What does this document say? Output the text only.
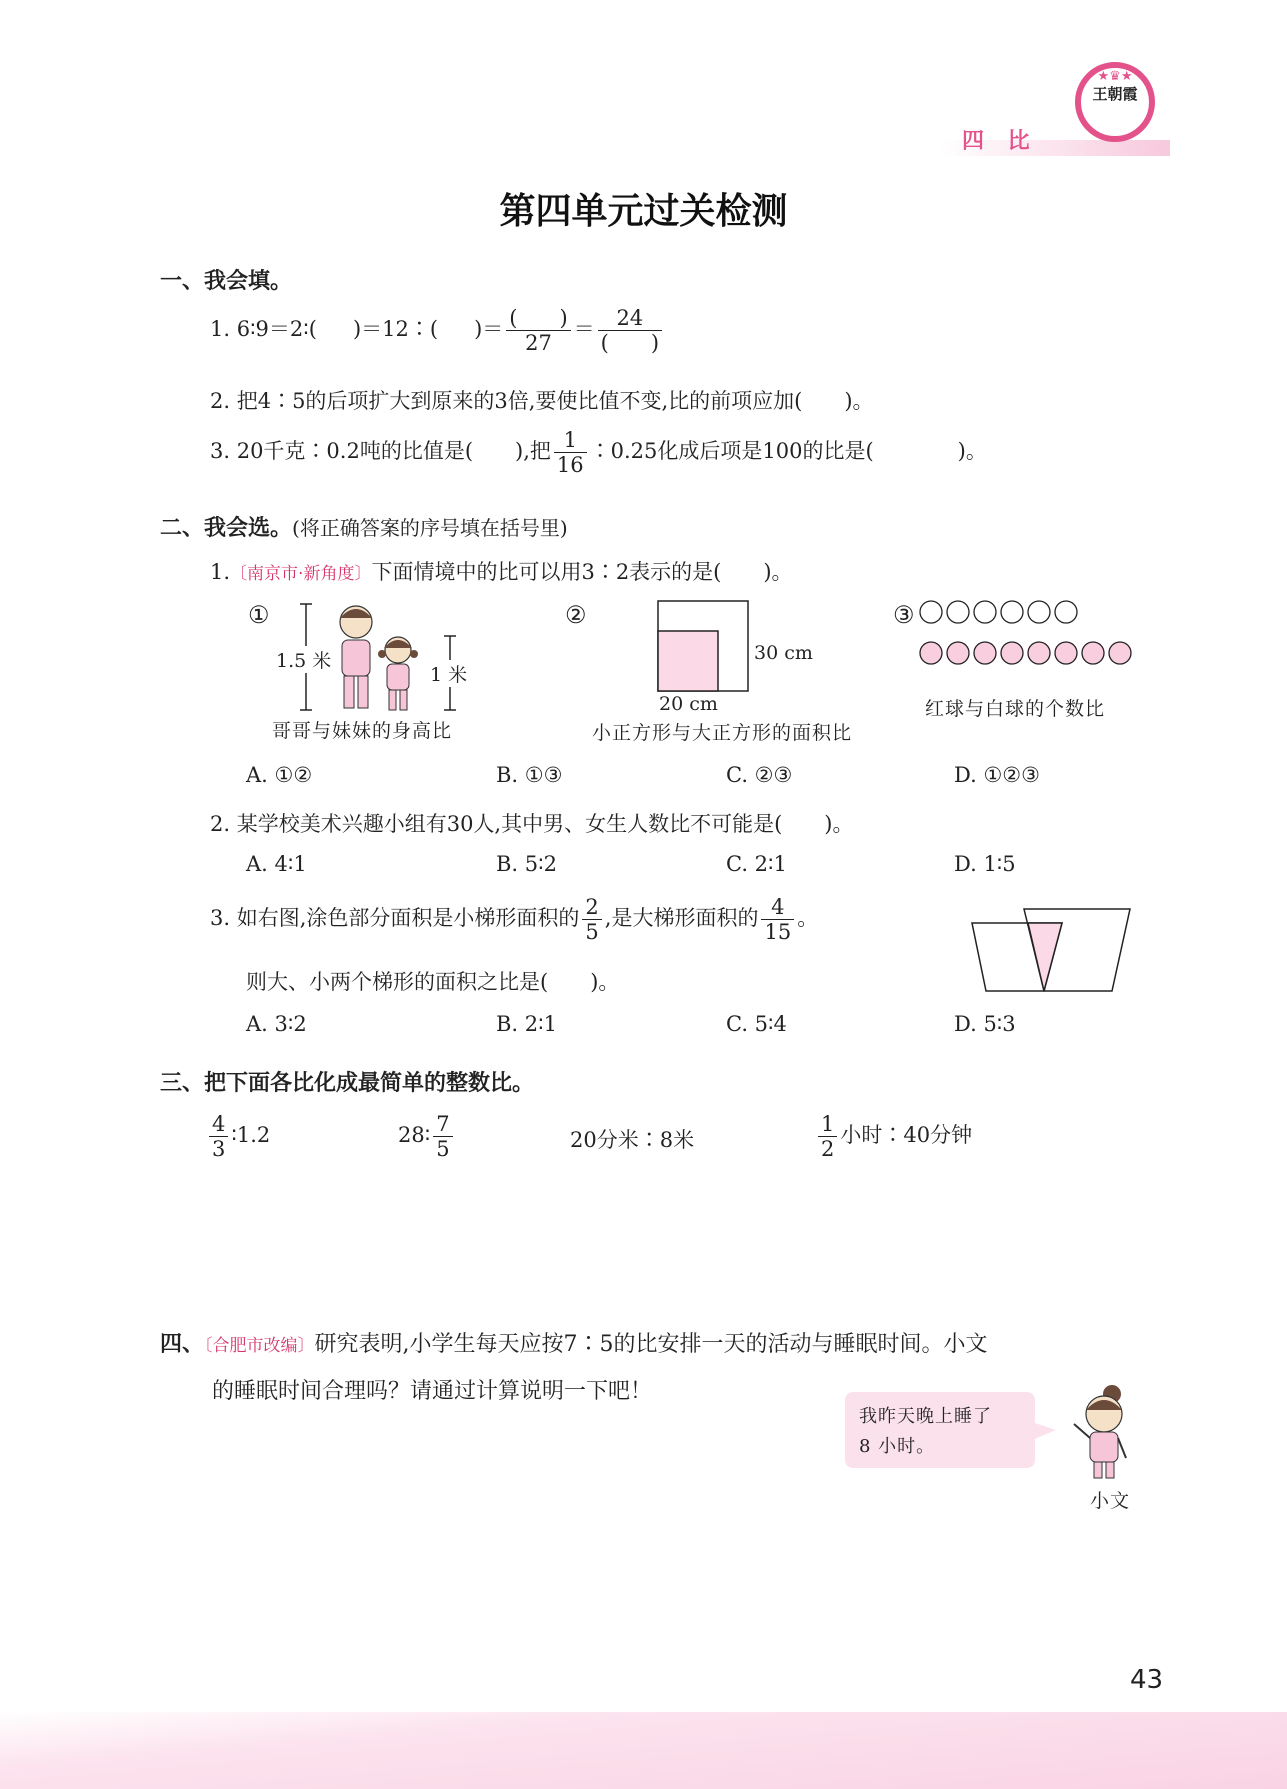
四 比
★♛★
王朝霞
第四单元过关检测
一、我会填。
1. 6∶9＝2∶( )＝12∶( )＝ $\frac{( )}{27} = \frac{24}{( )}$
2. 把4∶5的后项扩大到原来的3倍,要使比值不变,比的前项应加(　　)。
3. 20千克∶0.2吨的比值是(　　),把 $\frac{1}{16}$ ∶0.25化成后项是100的比是(　　　　)。
二、我会选。(将正确答案的序号填在括号里)
1.〔南京市·新角度〕下面情境中的比可以用3∶2表示的是(　　)。
①
1.5 米
1 米
哥哥与妹妹的身高比
②
30 cm
20 cm
小正方形与大正方形的面积比
③
红球与白球的个数比
A. ①②	B. ①③	C. ②③	D. ①②③
2. 某学校美术兴趣小组有30人,其中男、女生人数比不可能是(　　)。
A. 4∶1	B. 5∶2	C. 2∶1	D. 1∶5
3. 如右图,涂色部分面积是小梯形面积的 $\frac{2}{5}$ ,是大梯形面积的 $\frac{4}{15}$ 。
则大、小两个梯形的面积之比是(　　)。
A. 3∶2	B. 2∶1	C. 5∶4	D. 5∶3
三、把下面各比化成最简单的整数比。
$\frac{4}{3}$ ∶1.2	28∶ $\frac{7}{5}$	20分米∶8米	$\frac{1}{2}$ 小时∶40分钟
四、〔合肥市改编〕研究表明,小学生每天应按7∶5的比安排一天的活动与睡眠时间。小文
的睡眠时间合理吗？请通过计算说明一下吧！
我昨天晚上睡了
8 小时。
小文
43
